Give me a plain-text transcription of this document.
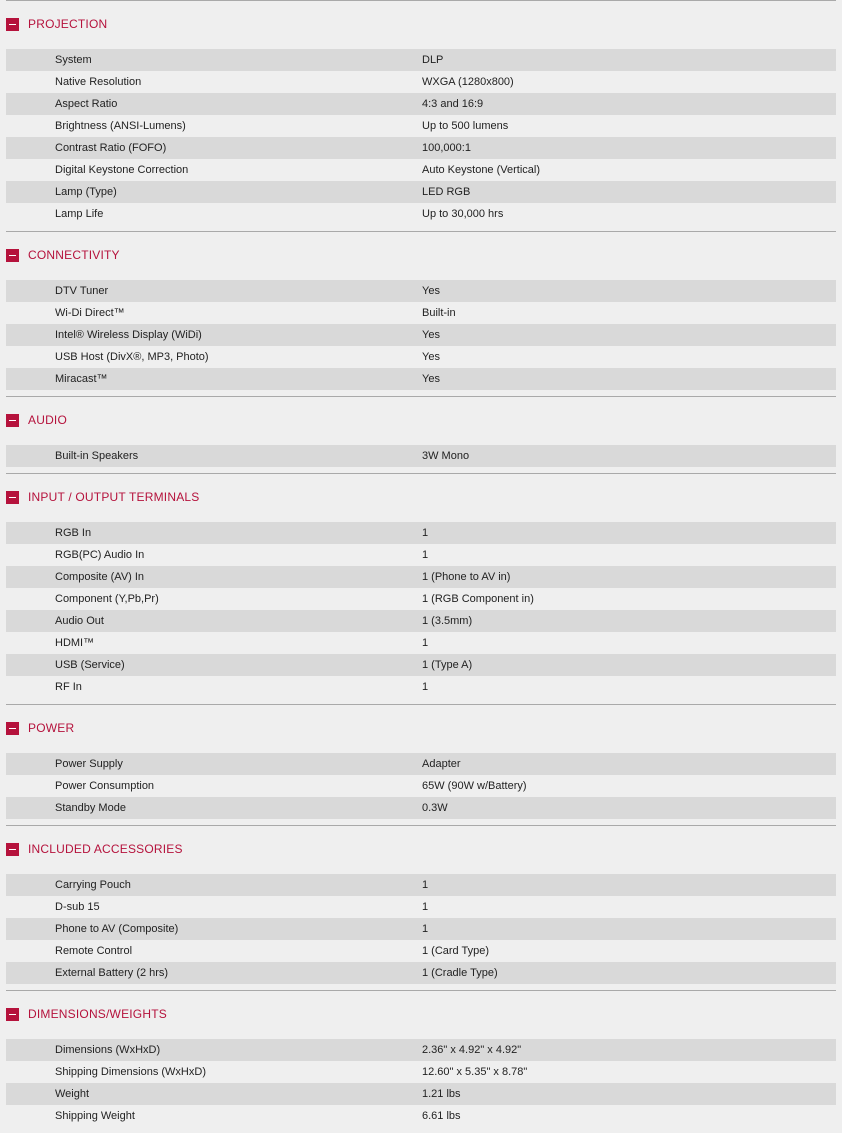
PROJECTION
System	DLP
Native Resolution	WXGA (1280x800)
Aspect Ratio	4:3 and 16:9
Brightness (ANSI-Lumens)	Up to 500 lumens
Contrast Ratio (FOFO)	100,000:1
Digital Keystone Correction	Auto Keystone (Vertical)
Lamp (Type)	LED RGB
Lamp Life	Up to 30,000 hrs
CONNECTIVITY
DTV Tuner	Yes
Wi-Di Direct™	Built-in
Intel® Wireless Display (WiDi)	Yes
USB Host (DivX®, MP3, Photo)	Yes
Miracast™	Yes
AUDIO
Built-in Speakers	3W Mono
INPUT / OUTPUT TERMINALS
RGB In	1
RGB(PC) Audio In	1
Composite (AV) In	1 (Phone to AV in)
Component (Y,Pb,Pr)	1 (RGB Component in)
Audio Out	1 (3.5mm)
HDMI™	1
USB (Service)	1 (Type A)
RF In	1
POWER
Power Supply	Adapter
Power Consumption	65W (90W w/Battery)
Standby Mode	0.3W
INCLUDED ACCESSORIES
Carrying Pouch	1
D-sub 15	1
Phone to AV (Composite)	1
Remote Control	1 (Card Type)
External Battery (2 hrs)	1 (Cradle Type)
DIMENSIONS/WEIGHTS
Dimensions (WxHxD)	2.36" x 4.92" x 4.92"
Shipping Dimensions (WxHxD)	12.60" x 5.35" x 8.78"
Weight	1.21 lbs
Shipping Weight	6.61 lbs
